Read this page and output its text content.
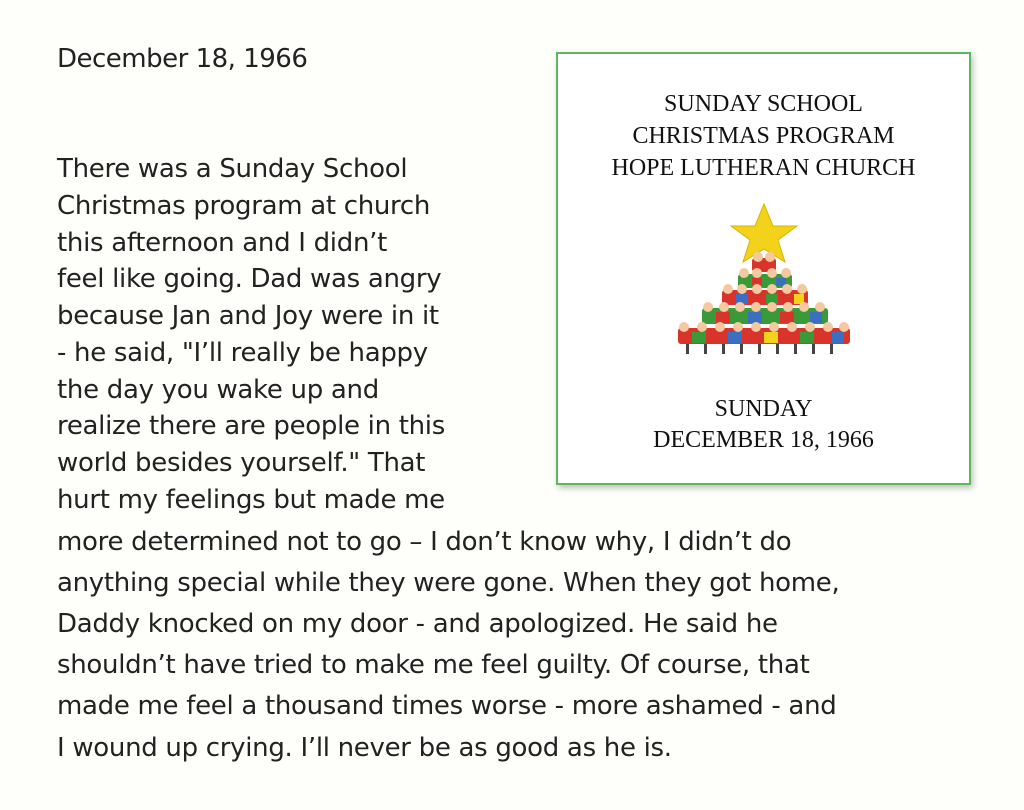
December 18, 1966
There was a Sunday School
Christmas program at church
this afternoon and I didn’t
feel like going. Dad was angry
because Jan and Joy were in it
- he said, "I’ll really be happy
the day you wake up and
realize there are people in this
world besides yourself." That
hurt my feelings but made me
more determined not to go – I don’t know why, I didn’t do
anything special while they were gone. When they got home,
Daddy knocked on my door - and apologized. He said he
shouldn’t have tried to make me feel guilty. Of course, that
made me feel a thousand times worse - more ashamed - and
I wound up crying. I’ll never be as good as he is.
SUNDAY SCHOOL
CHRISTMAS PROGRAM
HOPE LUTHERAN CHURCH
SUNDAY
DECEMBER 18, 1966
